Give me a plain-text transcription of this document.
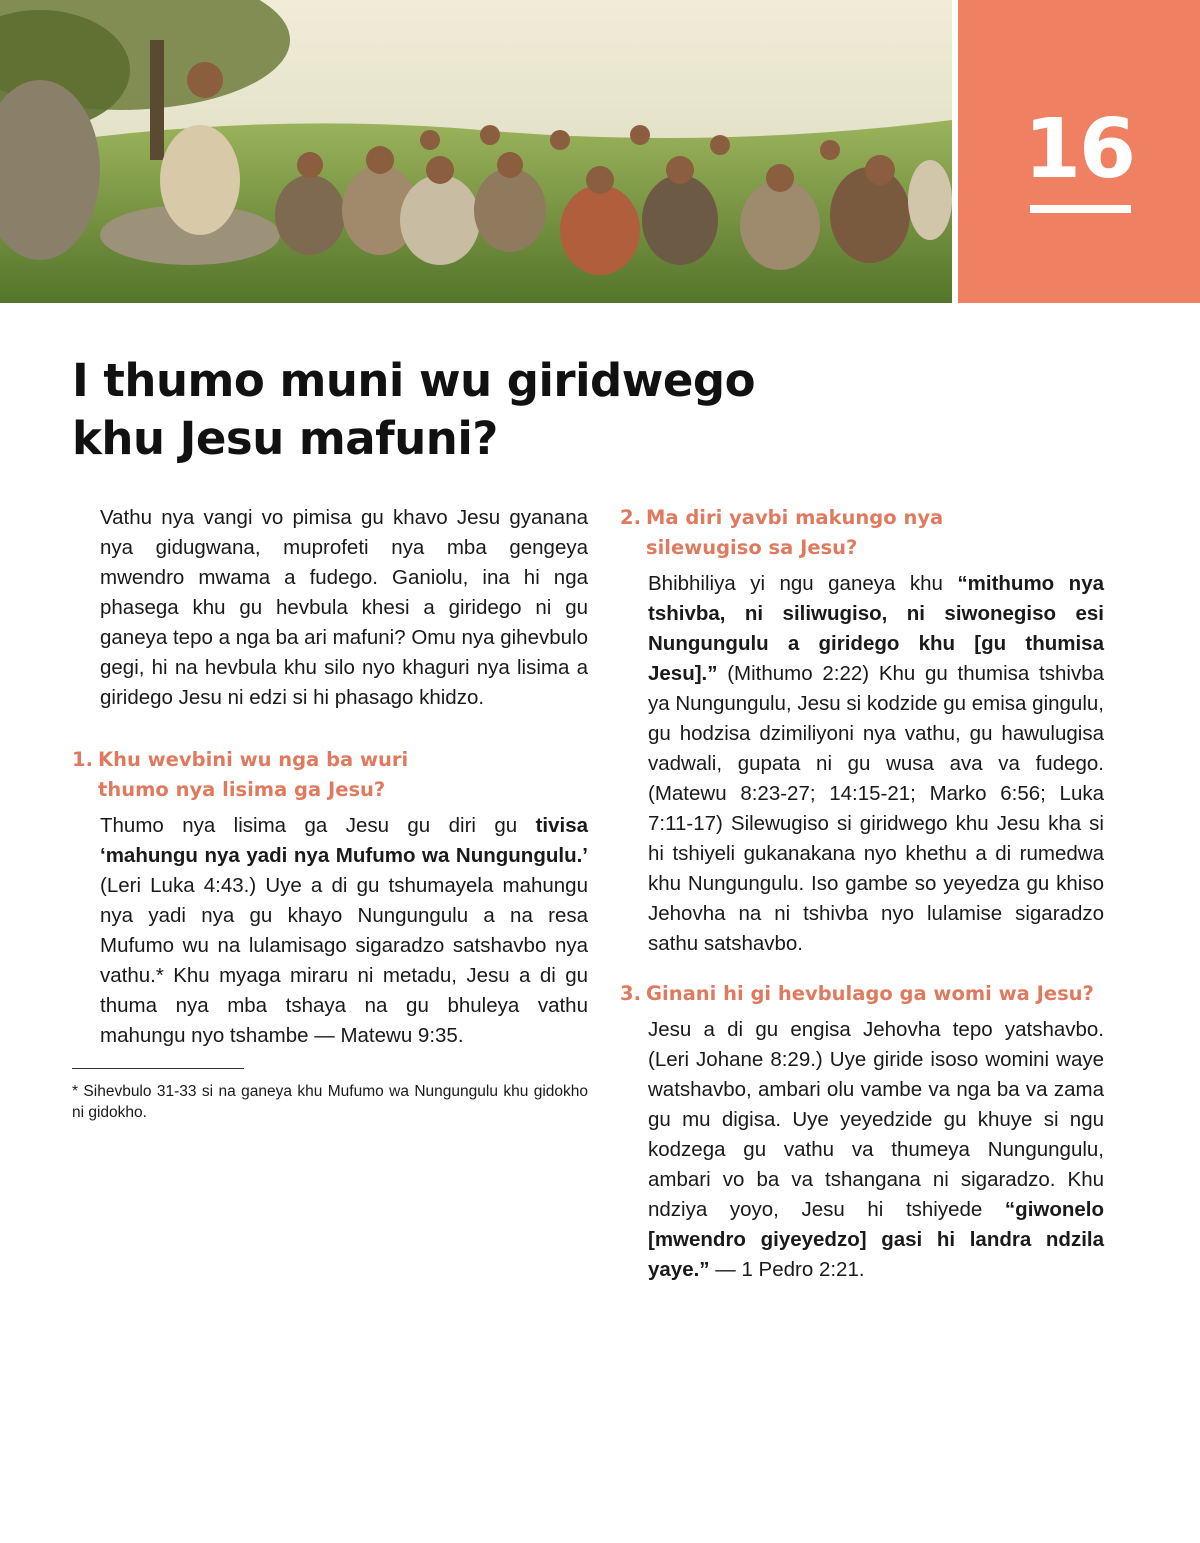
16
I thumo muni wu giridwego
khu Jesu mafuni?

Vathu nya vangi vo pimisa gu khavo Jesu gyanana nya gidugwana, muprofeti nya mba gengeya mwendro mwama a fudego. Ganiolu, ina hi nga phasega khu gu hevbula khesi a giridego ni gu ganeya tepo a nga ba ari mafuni? Omu nya gihevbulo gegi, hi na hevbula khu silo nyo khaguri nya lisima a giridego Jesu ni edzi si hi phasago khidzo.

1. Khu wevbini wu nga ba wuri thumo nya lisima ga Jesu?

Thumo nya lisima ga Jesu gu diri gu tivisa ‘mahungu nya yadi nya Mufumo wa Nungungulu.’ (Leri Luka 4:43.) Uye a di gu tshumayela mahungu nya yadi nya gu khayo Nungungulu a na resa Mufumo wu na lulamisago sigaradzo satshavbo nya vathu.* Khu myaga miraru ni metadu, Jesu a di gu thuma nya mba tshaya na gu bhuleya vathu mahungu nyo tshambe — Matewu 9:35.

* Sihevbulo 31-33 si na ganeya khu Mufumo wa Nungungulu khu gidokho ni gidokho.

2. Ma diri yavbi makungo nya silewugiso sa Jesu?

Bhibhiliya yi ngu ganeya khu “mithumo nya tshivba, ni siliwugiso, ni siwonegiso esi Nungungulu a giridego khu [gu thumisa Jesu].” (Mithumo 2:22) Khu gu thumisa tshivba ya Nungungulu, Jesu si kodzide gu emisa gingulu, gu hodzisa dzimiliyoni nya vathu, gu hawulugisa vadwali, gupata ni gu wusa ava va fudego. (Matewu 8:23-27; 14:15-21; Marko 6:56; Luka 7:11-17) Silewugiso si giridwego khu Jesu kha si hi tshiyeli gukanakana nyo khethu a di rumedwa khu Nungungulu. Iso gambe so yeyedza gu khiso Jehovha na ni tshivba nyo lulamise sigaradzo sathu satshavbo.

3. Ginani hi gi hevbulago ga womi wa Jesu?

Jesu a di gu engisa Jehovha tepo yatshavbo. (Leri Johane 8:29.) Uye giride isoso womini waye watshavbo, ambari olu vambe va nga ba va zama gu mu digisa. Uye yeyedzide gu khuye si ngu kodzega gu vathu va thumeya Nungungulu, ambari vo ba va tshangana ni sigaradzo. Khu ndziya yoyo, Jesu hi tshiyede “giwonelo [mwendro giyeyedzo] gasi hi landra ndzila yaye.” — 1 Pedro 2:21.
